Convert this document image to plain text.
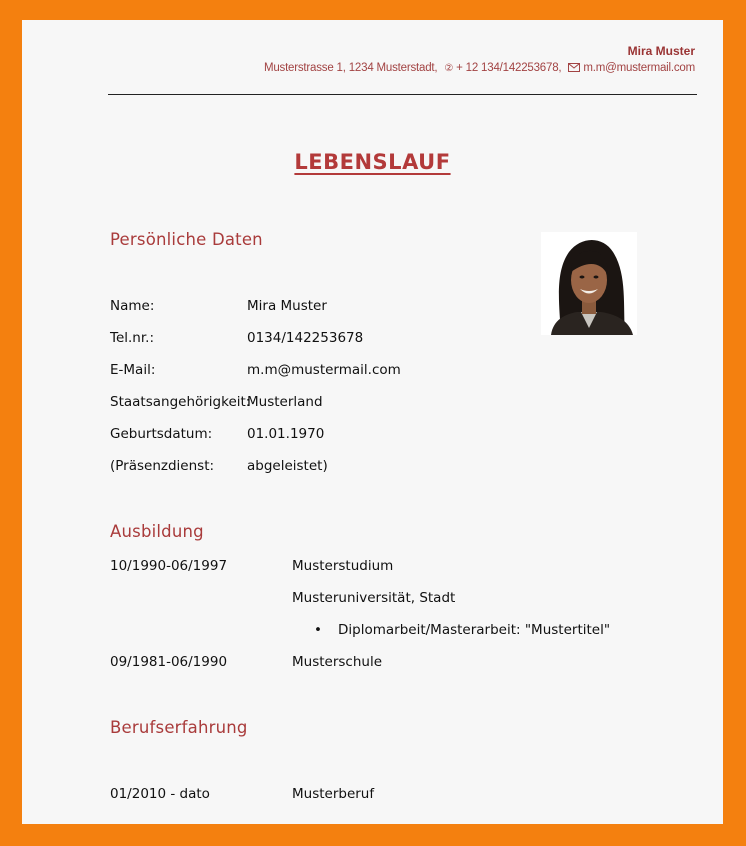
Mira Muster
Musterstrasse 1, 1234 Musterstadt, ② + 12 134/142253678, m.m@mustermail.com
LEBENSLAUF
Persönliche Daten
Name:	Mira Muster
Tel.nr.:	0134/142253678
E-Mail:	m.m@mustermail.com
Staatsangehörigkeit:
Musterland
Geburtsdatum:	01.01.1970
(Präsenzdienst: abgeleistet)
Ausbildung
10/1990-06/1997	Musterstudium
Musteruniversität, Stadt
• Diplomarbeit/Masterarbeit: "Mustertitel"
09/1981-06/1990	Musterschule
Berufserfahrung
01/2010 - dato	Musterberuf
